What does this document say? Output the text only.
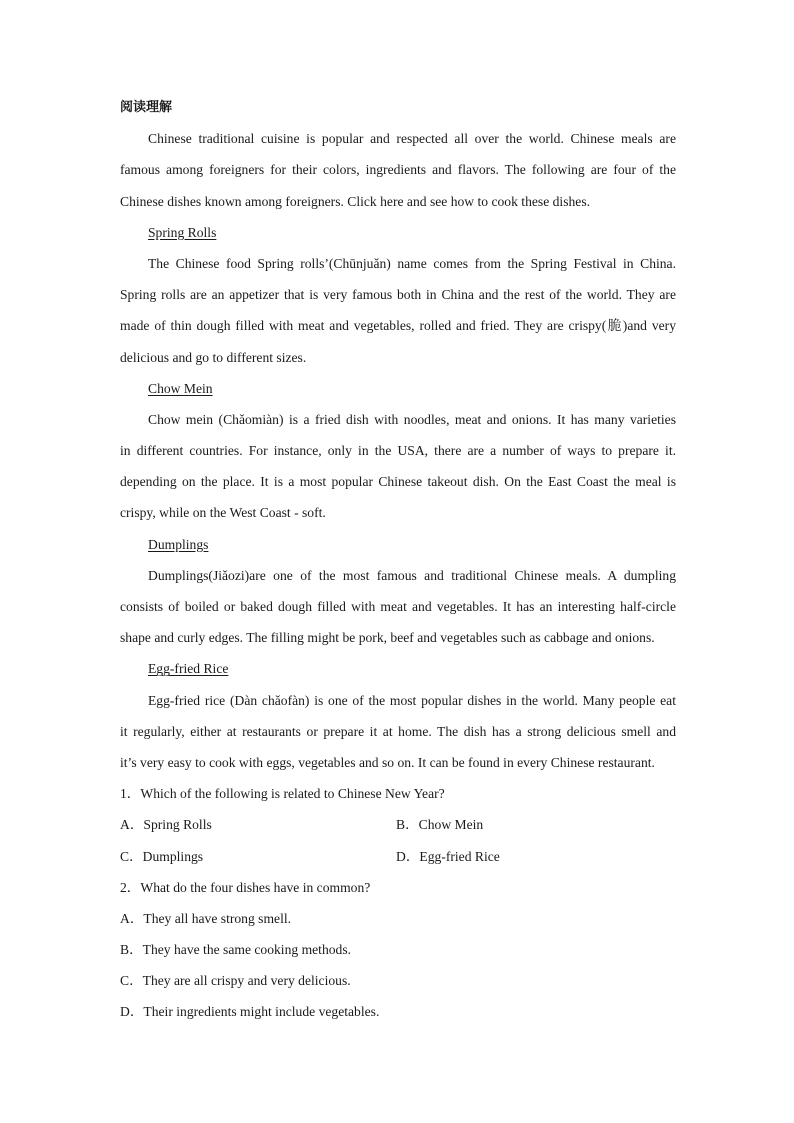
阅读理解
Chinese traditional cuisine is popular and respected all over the world. Chinese meals are
famous among foreigners for their colors, ingredients and flavors. The following are four of the
Chinese dishes known among foreigners. Click here and see how to cook these dishes.
Spring Rolls
The Chinese food Spring rolls’(Chūnjuǎn) name comes from the Spring Festival in China.
Spring rolls are an appetizer that is very famous both in China and the rest of the world. They are
made of thin dough filled with meat and vegetables, rolled and fried. They are crispy(脆)and very
delicious and go to different sizes.
Chow Mein
Chow mein (Chǎomiàn) is a fried dish with noodles, meat and onions. It has many varieties
in different countries. For instance, only in the USA, there are a number of ways to prepare it.
depending on the place. It is a most popular Chinese takeout dish. On the East Coast the meal is
crispy, while on the West Coast - soft.
Dumplings
Dumplings(Jiǎozi)are one of the most famous and traditional Chinese meals. A dumpling
consists of boiled or baked dough filled with meat and vegetables. It has an interesting half-circle
shape and curly edges. The filling might be pork, beef and vegetables such as cabbage and onions.
Egg-fried Rice
Egg-fried rice (Dàn chǎofàn) is one of the most popular dishes in the world. Many people eat
it regularly, either at restaurants or prepare it at home. The dish has a strong delicious smell and
it’s very easy to cook with eggs, vegetables and so on. It can be found in every Chinese restaurant.
1．Which of the following is related to Chinese New Year?
A．Spring Rolls	B．Chow Mein
C．Dumplings	D．Egg-fried Rice
2．What do the four dishes have in common?
A．They all have strong smell.
B．They have the same cooking methods.
C．They are all crispy and very delicious.
D．Their ingredients might include vegetables.
